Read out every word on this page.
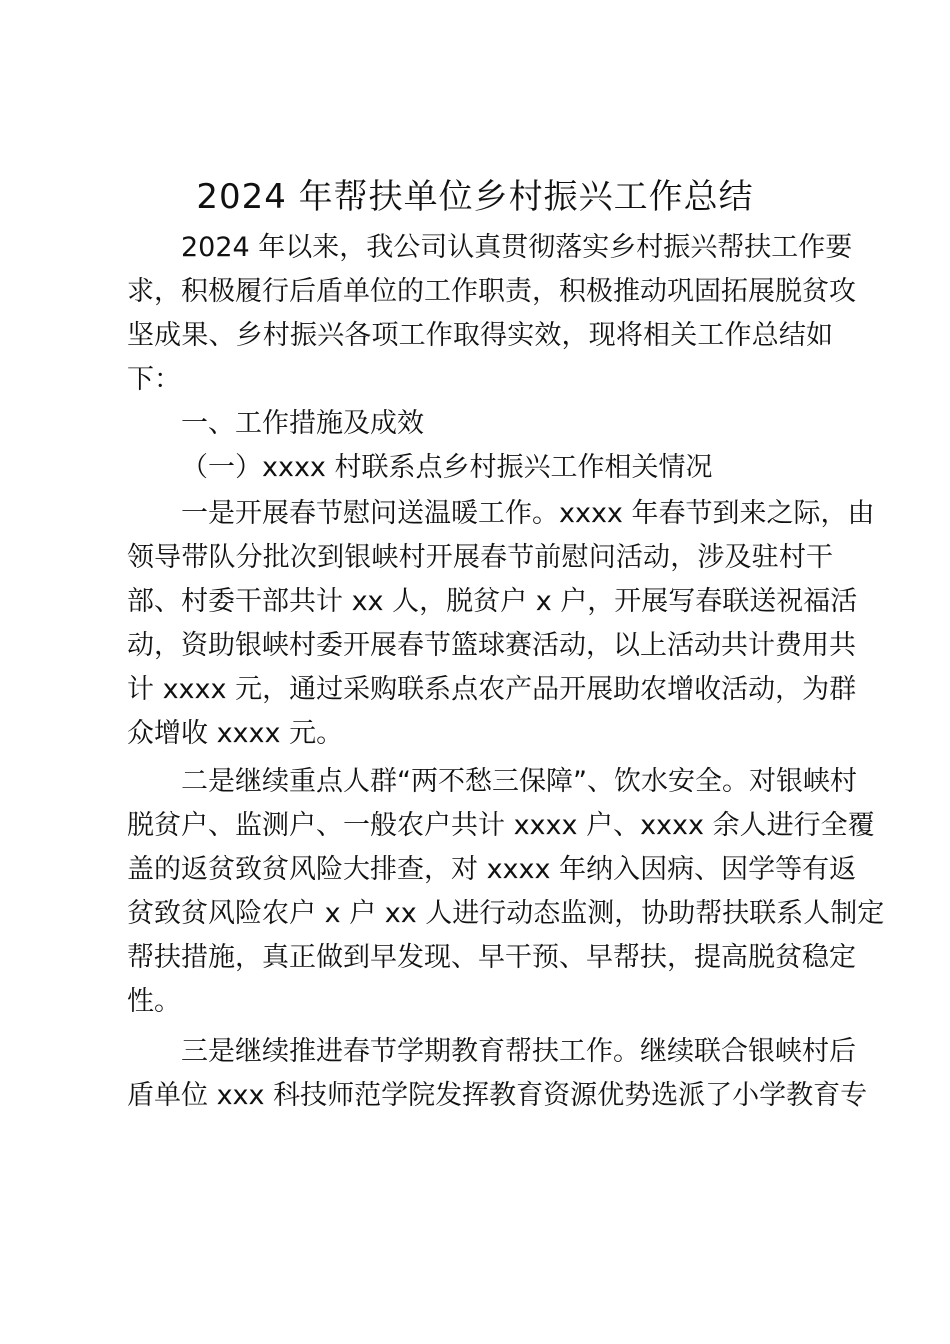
2024 年帮扶单位乡村振兴工作总结

2024 年以来，我公司认真贯彻落实乡村振兴帮扶工作要

求，积极履行后盾单位的工作职责，积极推动巩固拓展脱贫攻

坚成果、乡村振兴各项工作取得实效，现将相关工作总结如

下：

一、工作措施及成效

（一）xxxx 村联系点乡村振兴工作相关情况

一是开展春节慰问送温暖工作。xxxx 年春节到来之际，由

领导带队分批次到银峡村开展春节前慰问活动，涉及驻村干

部、村委干部共计 xx 人，脱贫户 x 户，开展写春联送祝福活

动，资助银峡村委开展春节篮球赛活动，以上活动共计费用共

计 xxxx 元，通过采购联系点农产品开展助农增收活动，为群

众增收 xxxx 元。

二是继续重点人群“两不愁三保障”、饮水安全。对银峡村

脱贫户、监测户、一般农户共计 xxxx 户、xxxx 余人进行全覆

盖的返贫致贫风险大排查，对 xxxx 年纳入因病、因学等有返

贫致贫风险农户 x 户 xx 人进行动态监测，协助帮扶联系人制定

帮扶措施，真正做到早发现、早干预、早帮扶，提高脱贫稳定

性。

三是继续推进春节学期教育帮扶工作。继续联合银峡村后

盾单位 xxx 科技师范学院发挥教育资源优势选派了小学教育专
